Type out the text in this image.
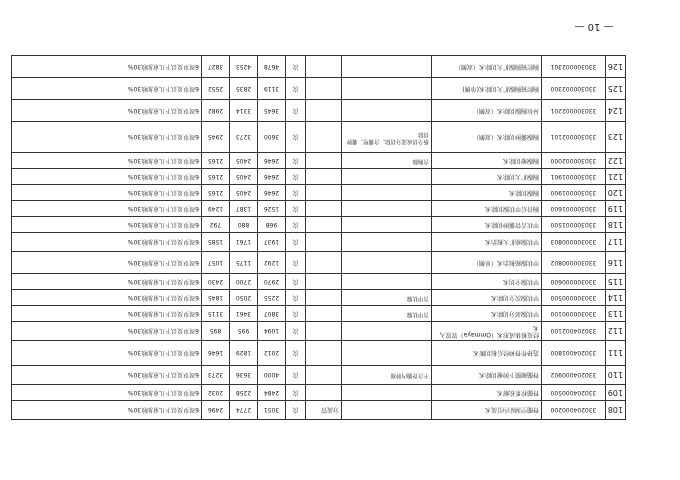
108	330204000200	脊髓空洞症内引流术		分流管	次	3051	2774	2496	6周岁及以下儿童加收30%
109	330204000500	脊髓栓系松解术			次	2484	2258	2032	6周岁及以下儿童加收30%
110	330204000902	脊髓硬膜下肿瘤切除术	不含脊髓内肿瘤		次	4000	3636	3273	6周岁及以下儿童加收30%
111	330204001800	选择性脊神经后根切断术			次	2012	1829	1646	6周岁及以下儿童加收30%
112	330204002100	经皮椎体成形术（Ommaya）管置入术			次	1094	995	895	6周岁及以下儿童加收30%
113	330300000100	甲状腺部分切除术	含甲状腺		次	3807	3461	3115	6周岁及以下儿童加收30%
114	330300000500	甲状腺次全切除术	含甲状腺		次	2255	2050	1845	6周岁及以下儿童加收30%
115	330300000600	甲状腺全切术			次	2970	2700	2430	6周岁及以下儿童加收30%
116	330300000802	甲状腺癌根治术（单侧）			次	1292	1175	1057	6周岁及以下儿童加收30%
117	330300000803	甲状腺癌扩大根治术			次	1937	1761	1585	6周岁及以下儿童加收30%
118	330300001500	甲状舌管囊肿切除术			次	968	880	792	6周岁及以下儿童加收30%
119	330300001600	胸骨后甲状腺切除术			次	1526	1387	1249	6周岁及以下儿童加收30%
120	330300001900	胸腺切除术			次	2646	2405	2165	6周岁及以下儿童加收30%
121	330300001901	胸腺扩大切除术			次	2646	2405	2165	6周岁及以下儿童加收30%
122	330300002000	胸腺瘤切除术	含胸腺		次	2646	2405	2165	6周岁及以下儿童加收30%
123	330300002101	胸腺囊肿切除术（双侧）	指全切或部分切除、含囊壁、囊肿切除		次	3600	3273	2945	6周岁及以下儿童加收30%
124	330300002201	异位胸腺切除术（双侧）			次	3645	3314	2982	6周岁及以下儿童加收30%
125	330300002300	胸腔镜胸腺扩大切除术(单侧)			次	3119	2835	2552	6周岁及以下儿童加收30%
126	330300002301	胸腔镜胸腺扩大切除术（双侧）			次	4678	4253	3827	6周岁及以下儿童加收30%
— 10 —
